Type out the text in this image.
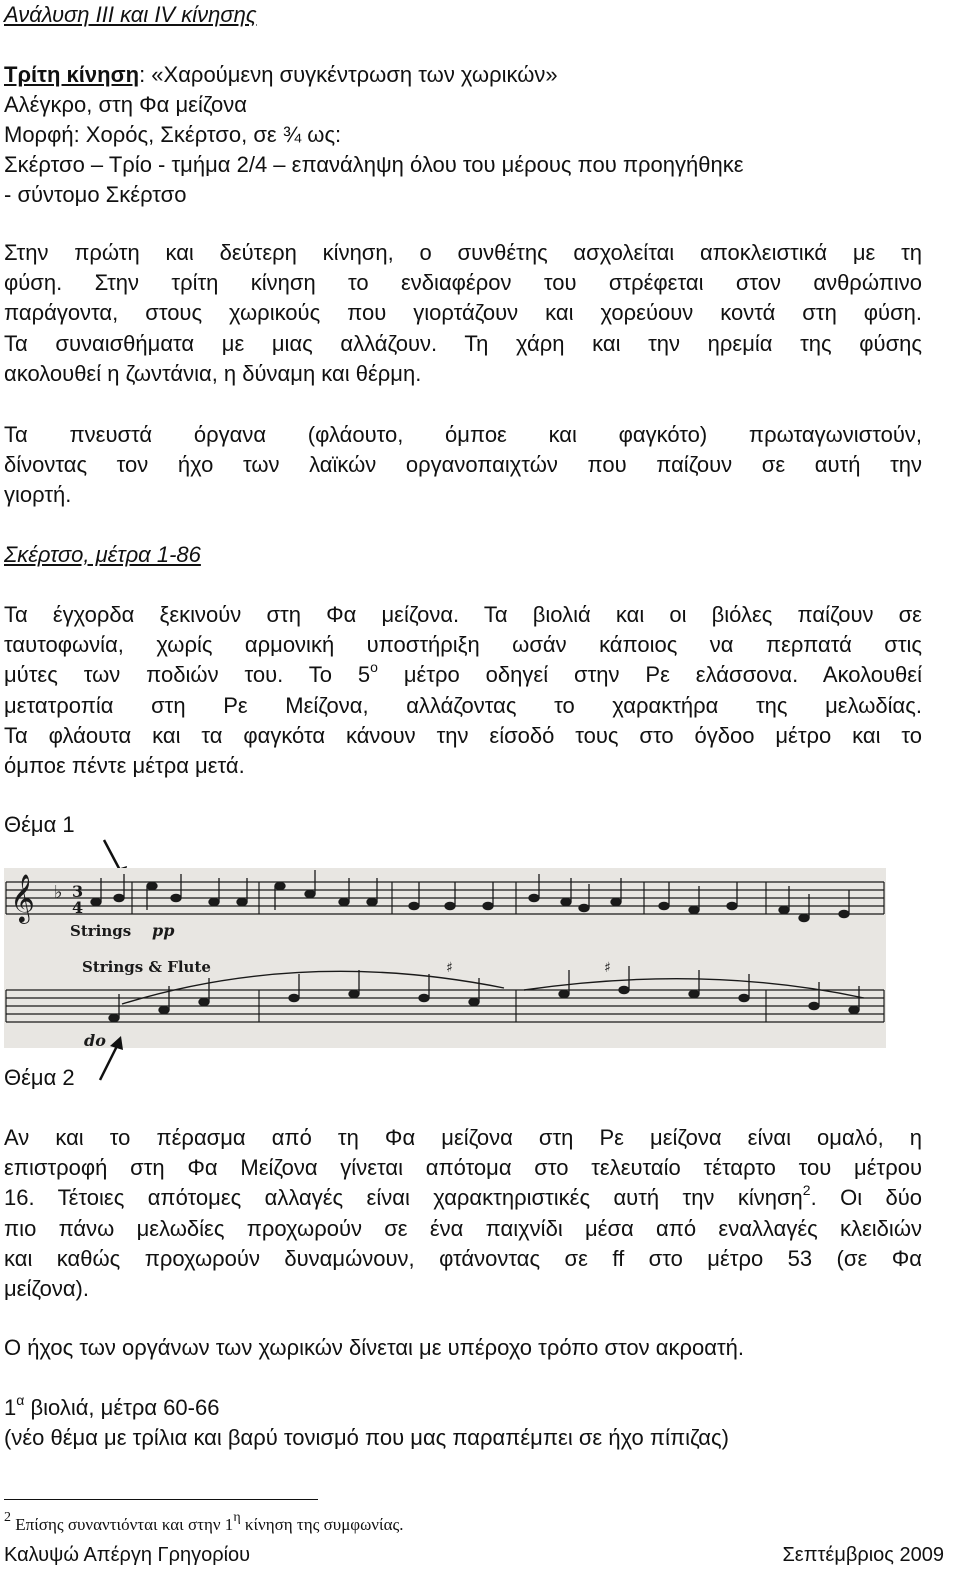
Ανάλυση ΙΙΙ και ΙV κίνησης
Τρίτη κίνηση: «Χαρούμενη συγκέντρωση των χωρικών»
Αλέγκρο, στη Φα μείζονα
Μορφή: Χορός, Σκέρτσο, σε ¾ ως:
Σκέρτσο – Τρίο - τμήμα 2/4 – επανάληψη όλου του μέρους που προηγήθηκε
- σύντομο Σκέρτσο
Στην πρώτη και δεύτερη κίνηση, ο συνθέτης ασχολείται αποκλειστικά με τη
φύση. Στην τρίτη κίνηση το ενδιαφέρον του στρέφεται στον ανθρώπινο
παράγοντα, στους χωρικούς που γιορτάζουν και χορεύουν κοντά στη φύση.
Τα συναισθήματα με μιας αλλάζουν. Τη χάρη και την ηρεμία της φύσης
ακολουθεί η ζωντάνια, η δύναμη και θέρμη.
Τα πνευστά όργανα (φλάουτο, όμποε και φαγκότο) πρωταγωνιστούν,
δίνοντας τον ήχο των λαϊκών οργανοπαιχτών που παίζουν σε αυτή την
γιορτή.
Σκέρτσο, μέτρα 1-86
Τα έγχορδα ξεκινούν στη Φα μείζονα. Τα βιολιά και οι βιόλες παίζουν σε
ταυτοφωνία, χωρίς αρμονική υποστήριξη ωσάν κάποιος να περπατά στις
μύτες των ποδιών του. Το $5^o$ μέτρο οδηγεί στην Ρε ελάσσονα. Ακολουθεί
μετατροπία στη Ρε Μείζονα, αλλάζοντας το χαρακτήρα της μελωδίας.
Τα φλάουτα και τα φαγκότα κάνουν την είσοδό τους στο όγδοο μέτρο και το
όμποε πέντε μέτρα μετά.
Θέμα 1
𝄞 ♭ 3
4
Strings pp
Strings & Flute	♯	♯
do
Θέμα 2
Αν και το πέρασμα από τη Φα μείζονα στη Ρε μείζονα είναι ομαλό, η
επιστροφή στη Φα Μείζονα γίνεται απότομα στο τελευταίο τέταρτο του μέτρου
16. Τέτοιες απότομες αλλαγές είναι χαρακτηριστικές αυτή την κίνηση$^2$. Οι δύο
πιο πάνω μελωδίες προχωρούν σε ένα παιχνίδι μέσα από εναλλαγές κλειδιών
και καθώς προχωρούν δυναμώνουν, φτάνοντας σε ff στο μέτρο 53 (σε Φα
μείζονα).
Ο ήχος των οργάνων των χωρικών δίνεται με υπέροχο τρόπο στον ακροατή.
$1^\alpha$ βιολιά, μέτρα 60-66
(νέο θέμα με τρίλια και βαρύ τονισμό που μας παραπέμπει σε ήχο πίπιζας)
$^2$ Επίσης συναντιόνται και στην $1^\eta$ κίνηση της συμφωνίας.
Καλυψώ Απέργη Γρηγορίου	Σεπτέμβριος 2009
